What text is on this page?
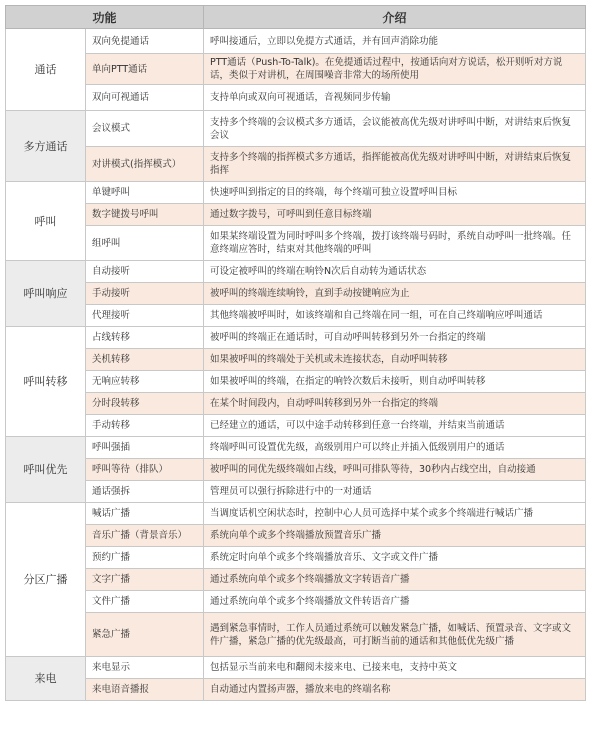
功能		介绍
通话	双向免提通话	呼叫接通后，立即以免提方式通话，并有回声消除功能
	单向PTT通话	PTT通话（Push-To-Talk)。在免提通话过程中，按通话向对方说话，松开则听对方说话，类似于对讲机，在周围噪音非常大的场所使用
	双向可视通话	支持单向或双向可视通话，音视频同步传输
多方通话	会议模式	支持多个终端的会议模式多方通话，会议能被高优先级对讲呼叫中断，对讲结束后恢复会议
	对讲模式(指挥模式）	支持多个终端的指挥模式多方通话，指挥能被高优先级对讲呼叫中断，对讲结束后恢复指挥
呼叫	单键呼叫	快速呼叫到指定的目的终端，每个终端可独立设置呼叫目标
	数字键拨号呼叫	通过数字拨号，可呼叫到任意目标终端
	组呼叫	如果某终端设置为同时呼叫多个终端，拨打该终端号码时，系统自动呼叫一批终端。任意终端应答时，结束对其他终端的呼叫
呼叫响应	自动接听	可设定被呼叫的终端在响铃N次后自动转为通话状态
	手动接听	被呼叫的终端连续响铃，直到手动按键响应为止
	代理接听	其他终端被呼叫时，如该终端和自己终端在同一组，可在自己终端响应呼叫通话
呼叫转移	占线转移	被呼叫的终端正在通话时，可自动呼叫转移到另外一台指定的终端
	关机转移	如果被呼叫的终端处于关机或未连接状态，自动呼叫转移
	无响应转移	如果被呼叫的终端，在指定的响铃次数后未接听，则自动呼叫转移
	分时段转移	在某个时间段内，自动呼叫转移到另外一台指定的终端
	手动转移	已经建立的通话，可以中途手动转移到任意一台终端，并结束当前通话
呼叫优先	呼叫强插	终端呼叫可设置优先级，高级别用户可以终止并插入低级别用户的通话
	呼叫等待（排队）	被呼叫的同优先级终端如占线，呼叫可排队等待，30秒内占线空出，自动接通
	通话强拆	管理员可以强行拆除进行中的一对通话
分区广播	喊话广播	当调度话机空闲状态时，控制中心人员可选择中某个或多个终端进行喊话广播
	音乐广播（背景音乐）	系统向单个或多个终端播放预置音乐广播
	预约广播	系统定时向单个或多个终端播放音乐、文字或文件广播
	文字广播	通过系统向单个或多个终端播放文字转语音广播
	文件广播	通过系统向单个或多个终端播放文件转语音广播
	紧急广播	遇到紧急事情时，工作人员通过系统可以触发紧急广播，如喊话、预置录音、文字或文件广播，紧急广播的优先级最高，可打断当前的通话和其他低优先级广播
来电	来电显示	包括显示当前来电和翻阅未接来电、已接来电，支持中英文
	来电语音播报	自动通过内置扬声器，播放来电的终端名称
